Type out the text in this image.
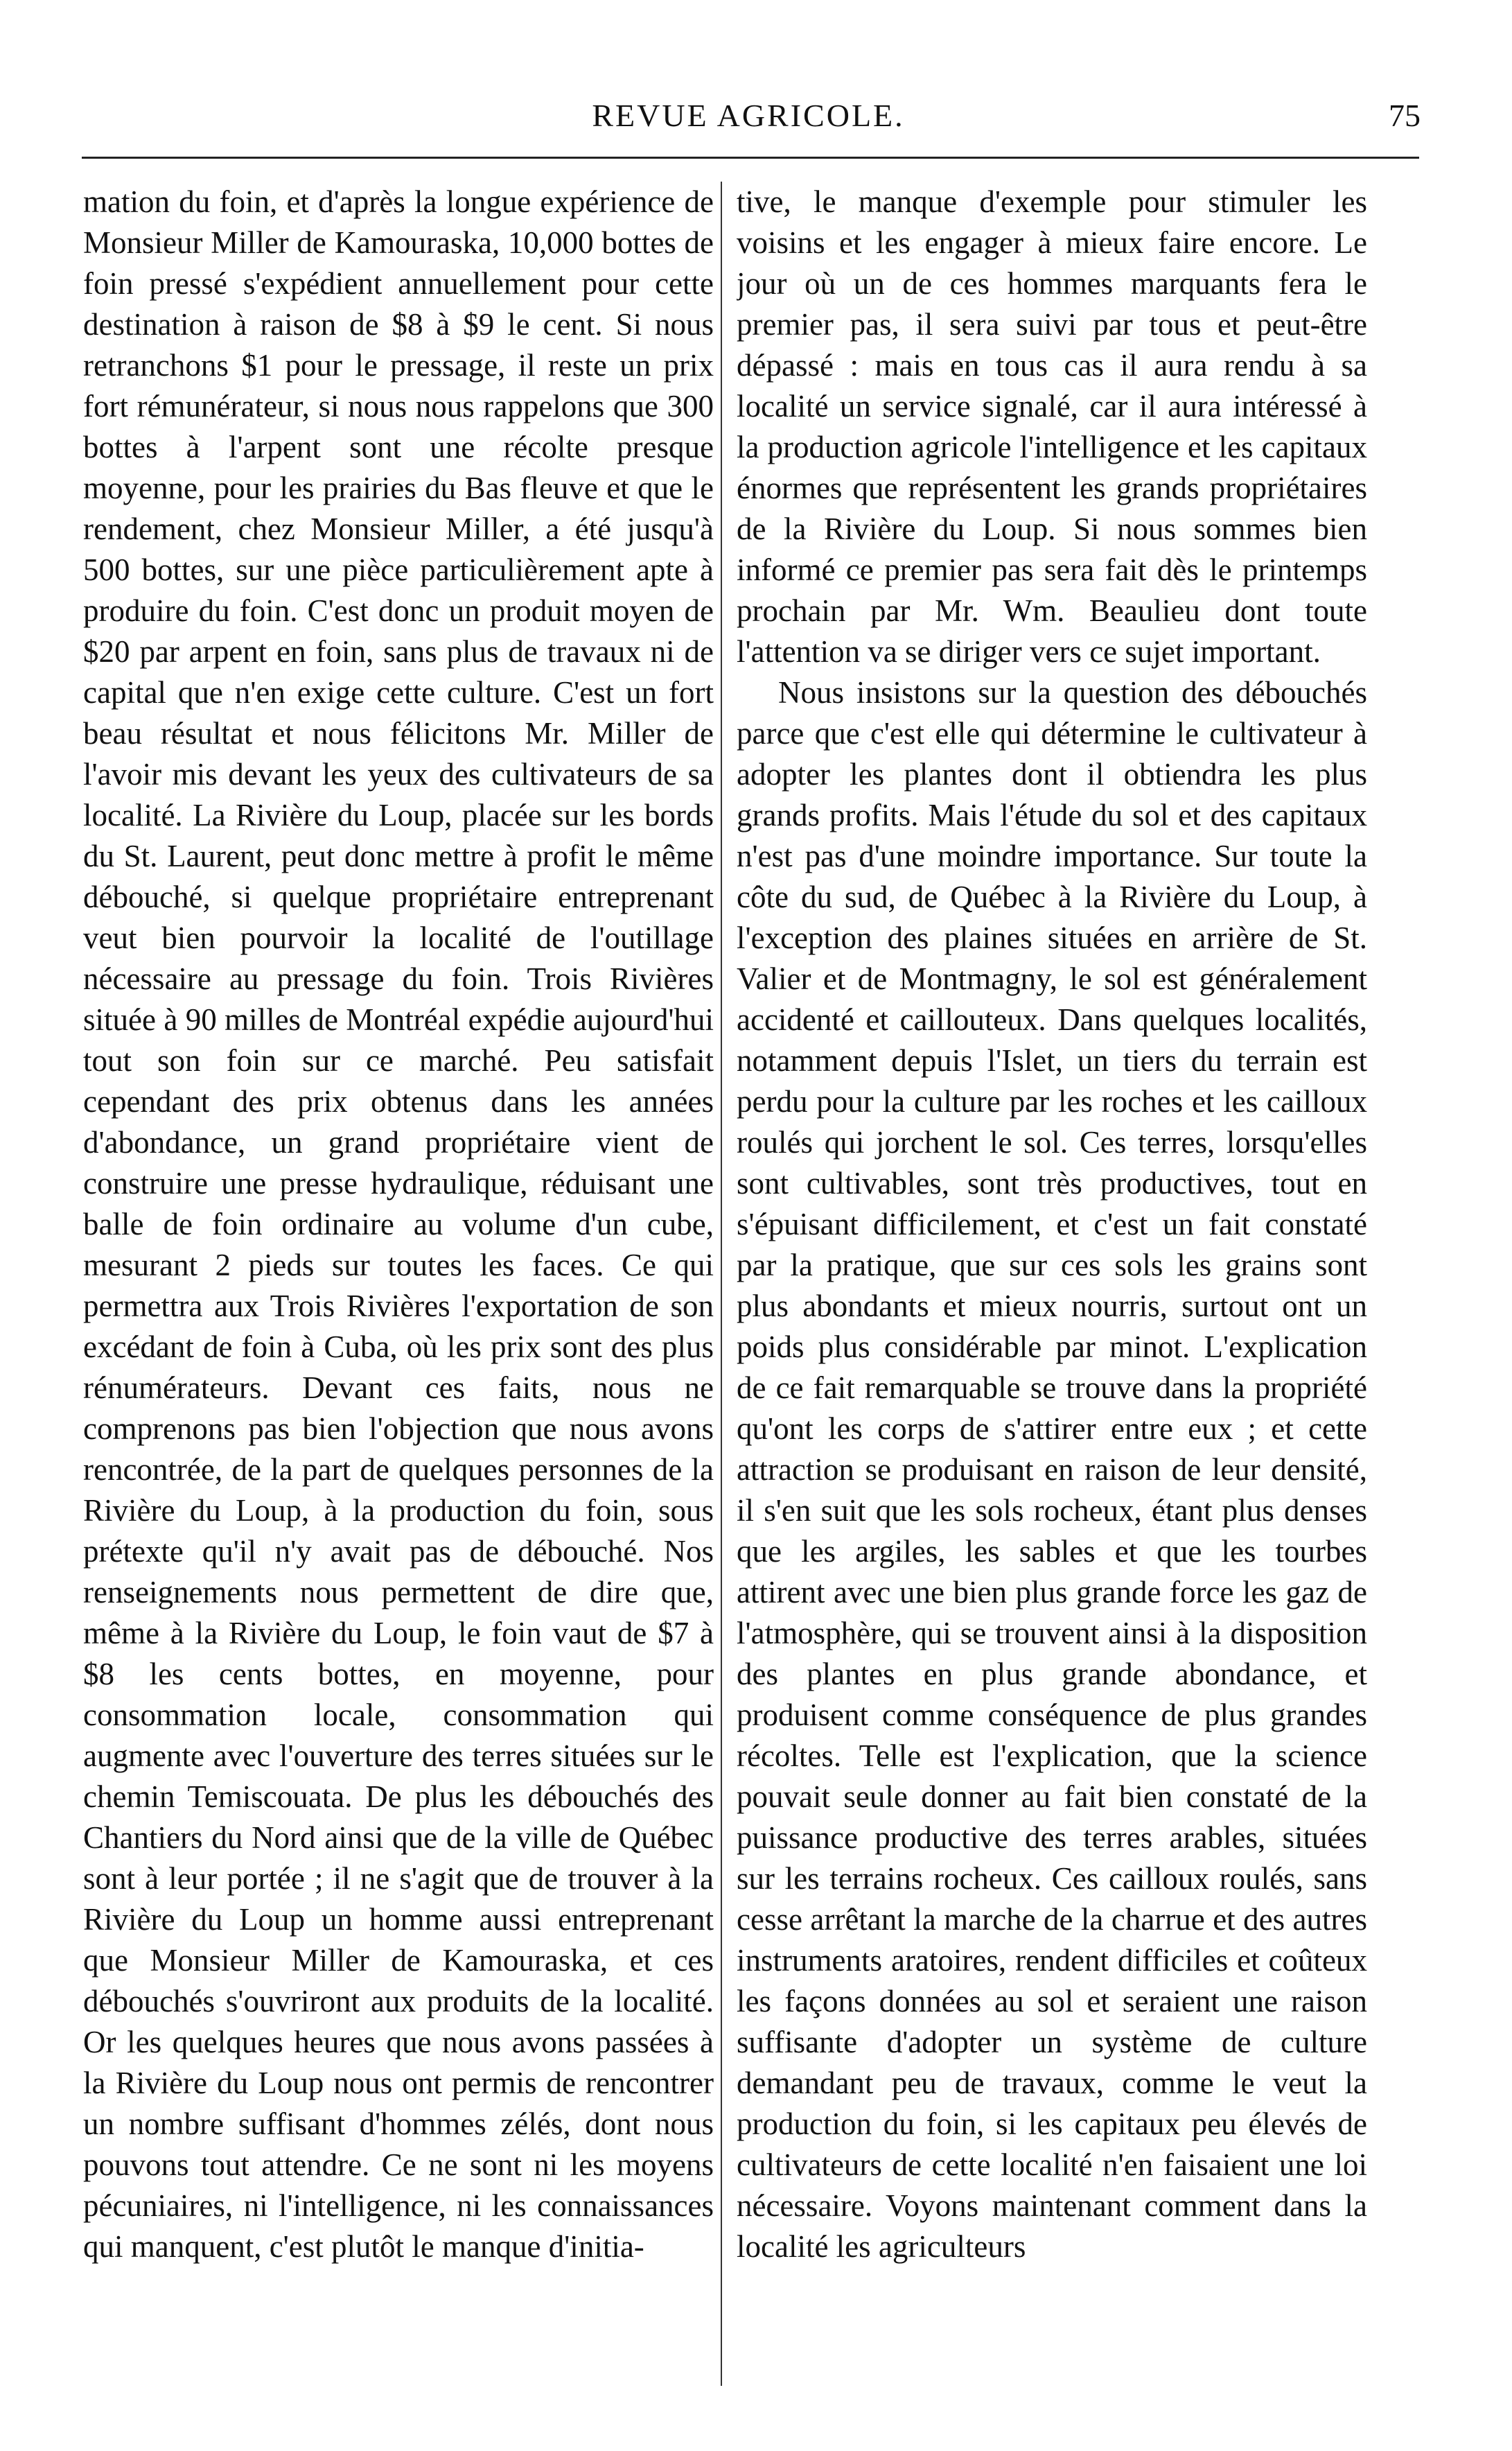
REVUE AGRICOLE.	75

mation du foin, et d'après la longue expérience de Monsieur Miller de Kamouraska, 10,000 bottes de foin pressé s'expédient annuellement pour cette destination à raison de $8 à $9 le cent. Si nous retranchons $1 pour le pressage, il reste un prix fort rémunérateur, si nous nous rappelons que 300 bottes à l'arpent sont une récolte presque moyenne, pour les prairies du Bas fleuve et que le rendement, chez Monsieur Miller, a été jusqu'à 500 bottes, sur une pièce particulièrement apte à produire du foin. C'est donc un produit moyen de $20 par arpent en foin, sans plus de travaux ni de capital que n'en exige cette culture. C'est un fort beau résultat et nous félicitons Mr. Miller de l'avoir mis devant les yeux des cultivateurs de sa localité. La Rivière du Loup, placée sur les bords du St. Laurent, peut donc mettre à profit le même débouché, si quelque propriétaire entreprenant veut bien pourvoir la localité de l'outillage nécessaire au pressage du foin. Trois Rivières située à 90 milles de Montréal expédie aujourd'hui tout son foin sur ce marché. Peu satisfait cependant des prix obtenus dans les années d'abondance, un grand propriétaire vient de construire une presse hydraulique, réduisant une balle de foin ordinaire au volume d'un cube, mesurant 2 pieds sur toutes les faces. Ce qui permettra aux Trois Rivières l'exportation de son excédant de foin à Cuba, où les prix sont des plus rénumérateurs. Devant ces faits, nous ne comprenons pas bien l'objection que nous avons rencontrée, de la part de quelques personnes de la Rivière du Loup, à la production du foin, sous prétexte qu'il n'y avait pas de débouché. Nos renseignements nous permettent de dire que, même à la Rivière du Loup, le foin vaut de $7 à $8 les cents bottes, en moyenne, pour consommation locale, consommation qui augmente avec l'ouverture des terres situées sur le chemin Temiscouata. De plus les débouchés des Chantiers du Nord ainsi que de la ville de Québec sont à leur portée ; il ne s'agit que de trouver à la Rivière du Loup un homme aussi entreprenant que Monsieur Miller de Kamouraska, et ces débouchés s'ouvriront aux produits de la localité. Or les quelques heures que nous avons passées à la Rivière du Loup nous ont permis de rencontrer un nombre suffisant d'hommes zélés, dont nous pouvons tout attendre. Ce ne sont ni les moyens pécuniaires, ni l'intelligence, ni les connaissances qui manquent, c'est plutôt le manque d'initia-

tive, le manque d'exemple pour stimuler les voisins et les engager à mieux faire encore. Le jour où un de ces hommes marquants fera le premier pas, il sera suivi par tous et peut-être dépassé : mais en tous cas il aura rendu à sa localité un service signalé, car il aura intéressé à la production agricole l'intelligence et les capitaux énormes que représentent les grands propriétaires de la Rivière du Loup. Si nous sommes bien informé ce premier pas sera fait dès le printemps prochain par Mr. Wm. Beaulieu dont toute l'attention va se diriger vers ce sujet important.

Nous insistons sur la question des débouchés parce que c'est elle qui détermine le cultivateur à adopter les plantes dont il obtiendra les plus grands profits. Mais l'étude du sol et des capitaux n'est pas d'une moindre importance. Sur toute la côte du sud, de Québec à la Rivière du Loup, à l'exception des plaines situées en arrière de St. Valier et de Montmagny, le sol est généralement accidenté et caillouteux. Dans quelques localités, notamment depuis l'Islet, un tiers du terrain est perdu pour la culture par les roches et les cailloux roulés qui jorchent le sol. Ces terres, lorsqu'elles sont cultivables, sont très productives, tout en s'épuisant difficilement, et c'est un fait constaté par la pratique, que sur ces sols les grains sont plus abondants et mieux nourris, surtout ont un poids plus considérable par minot. L'explication de ce fait remarquable se trouve dans la propriété qu'ont les corps de s'attirer entre eux ; et cette attraction se produisant en raison de leur densité, il s'en suit que les sols rocheux, étant plus denses que les argiles, les sables et que les tourbes attirent avec une bien plus grande force les gaz de l'atmosphère, qui se trouvent ainsi à la disposition des plantes en plus grande abondance, et produisent comme conséquence de plus grandes récoltes. Telle est l'explication, que la science pouvait seule donner au fait bien constaté de la puissance productive des terres arables, situées sur les terrains rocheux. Ces cailloux roulés, sans cesse arrêtant la marche de la charrue et des autres instruments aratoires, rendent difficiles et coûteux les façons données au sol et seraient une raison suffisante d'adopter un système de culture demandant peu de travaux, comme le veut la production du foin, si les capitaux peu élevés de cultivateurs de cette localité n'en faisaient une loi nécessaire. Voyons maintenant comment dans la localité les agriculteurs
